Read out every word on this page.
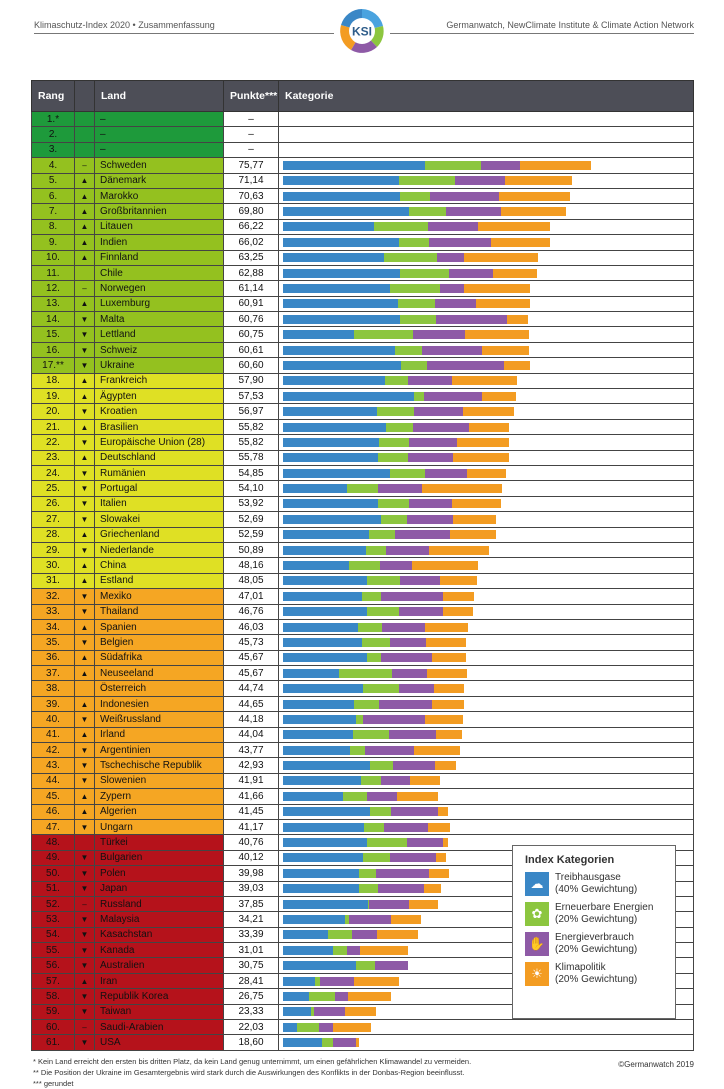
Klimaschutz-Index 2020 • Zusammenfassung	Germanwatch, NewClimate Institute & Climate Action Network
KSI
Rang		Land	Punkte***	Kategorie
1.*		–	–	

2.		–	–	

3.		–	–	

4.	–	Schweden	75,77	

5.	▲	Dänemark	71,14	

6.	▲	Marokko	70,63	

7.	▲	Großbritannien	69,80	

8.	▲	Litauen	66,22	

9.	▲	Indien	66,02	

10.	▲	Finnland	63,25	

11.		Chile	62,88	

12.	–	Norwegen	61,14	

13.	▲	Luxemburg	60,91	

14.	▼	Malta	60,76	

15.	▼	Lettland	60,75	

16.	▼	Schweiz	60,61	

17.**	▼	Ukraine	60,60	

18.	▲	Frankreich	57,90	

19.	▲	Ägypten	57,53	

20.	▼	Kroatien	56,97	

21.	▲	Brasilien	55,82	

22.	▼	Europäische Union (28)	55,82	

23.	▲	Deutschland	55,78	

24.	▼	Rumänien	54,85	

25.	▼	Portugal	54,10	

26.	▼	Italien	53,92	

27.	▼	Slowakei	52,69	

28.	▲	Griechenland	52,59	

29.	▼	Niederlande	50,89	

30.	▲	China	48,16	

31.	▲	Estland	48,05	

32.	▼	Mexiko	47,01	

33.	▼	Thailand	46,76	

34.	▲	Spanien	46,03	

35.	▼	Belgien	45,73	

36.	▲	Südafrika	45,67	

37.	▲	Neuseeland	45,67	

38.		Österreich	44,74	

39.	▲	Indonesien	44,65	

40.	▼	Weißrussland	44,18	

41.	▲	Irland	44,04	

42.	▼	Argentinien	43,77	

43.	▼	Tschechische Republik	42,93	

44.	▼	Slowenien	41,91	

45.	▲	Zypern	41,66	

46.	▲	Algerien	41,45	

47.	▼	Ungarn	41,17	

48.		Türkei	40,76	

49.	▼	Bulgarien	40,12	

50.	▼	Polen	39,98	

51.	▼	Japan	39,03	

52.	–	Russland	37,85	

53.	▼	Malaysia	34,21	

54.	▼	Kasachstan	33,39	

55.	▼	Kanada	31,01	

56.	▼	Australien	30,75	

57.	▲	Iran	28,41	

58.	▼	Republik Korea	26,75	

59.	▼	Taiwan	23,33	

60.	–	Saudi-Arabien	22,03	

61.	▼	USA	18,60	
Index Kategorien
☁	Treibhausgase
(40% Gewichtung)
✿	Erneuerbare Energien
(20% Gewichtung)
✋ Energieverbrauch
(20% Gewichtung)
☀	Klimapolitik
(20% Gewichtung)
* Kein Land erreicht den ersten bis dritten Platz, da kein Land genug unternimmt, um einen gefährlichen Klimawandel zu vermeiden.
** Die Position der Ukraine im Gesamtergebnis wird stark durch die Auswirkungen des Konflikts in der Donbas-Region beeinflusst.
*** gerundet
©Germanwatch 2019
